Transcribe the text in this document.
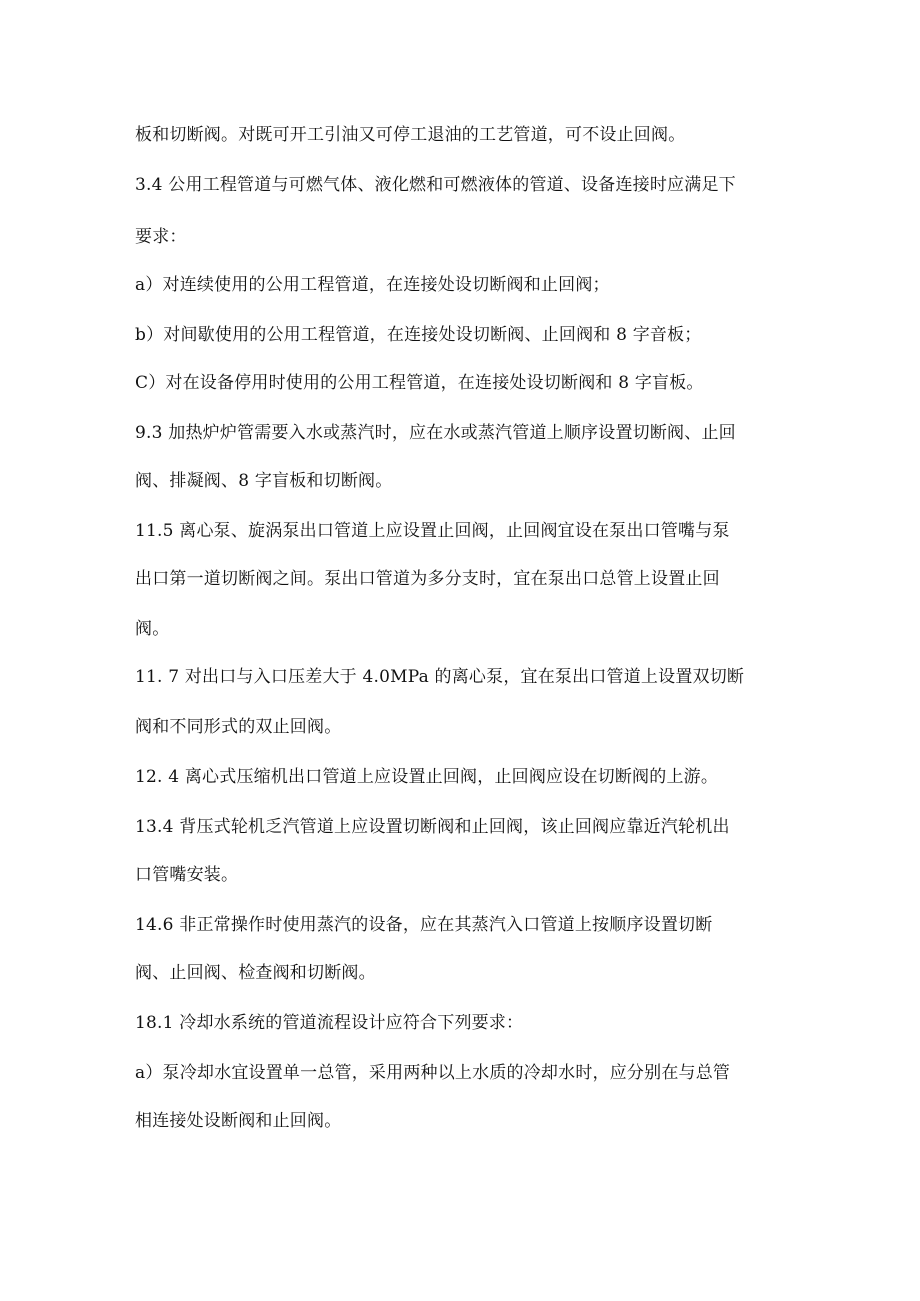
板和切断阀。对既可开工引油又可停工退油的工艺管道，可不设止回阀。
3.4 公用工程管道与可燃气体、液化燃和可燃液体的管道、设备连接时应满足下
要求：
a）对连续使用的公用工程管道，在连接处设切断阀和止回阀；
b）对间歇使用的公用工程管道，在连接处设切断阀、止回阀和 8 字音板；
C）对在设备停用时使用的公用工程管道，在连接处设切断阀和 8 字盲板。
9.3 加热炉炉管需要入水或蒸汽时，应在水或蒸汽管道上顺序设置切断阀、止回
阀、排凝阀、8 字盲板和切断阀。
11.5 离心泵、旋涡泵出口管道上应设置止回阀，止回阀宜设在泵出口管嘴与泵
出口第一道切断阀之间。泵出口管道为多分支时，宜在泵出口总管上设置止回
阀。
11. 7 对出口与入口压差大于 4.0MPa 的离心泵，宜在泵出口管道上设置双切断
阀和不同形式的双止回阀。
12. 4 离心式压缩机出口管道上应设置止回阀，止回阀应设在切断阀的上游。
13.4 背压式轮机乏汽管道上应设置切断阀和止回阀，该止回阀应靠近汽轮机出
口管嘴安装。
14.6 非正常操作时使用蒸汽的设备，应在其蒸汽入口管道上按顺序设置切断
阀、止回阀、检查阀和切断阀。
18.1 冷却水系统的管道流程设计应符合下列要求：
a）泵冷却水宜设置单一总管，采用两种以上水质的冷却水时，应分别在与总管
相连接处设断阀和止回阀。
